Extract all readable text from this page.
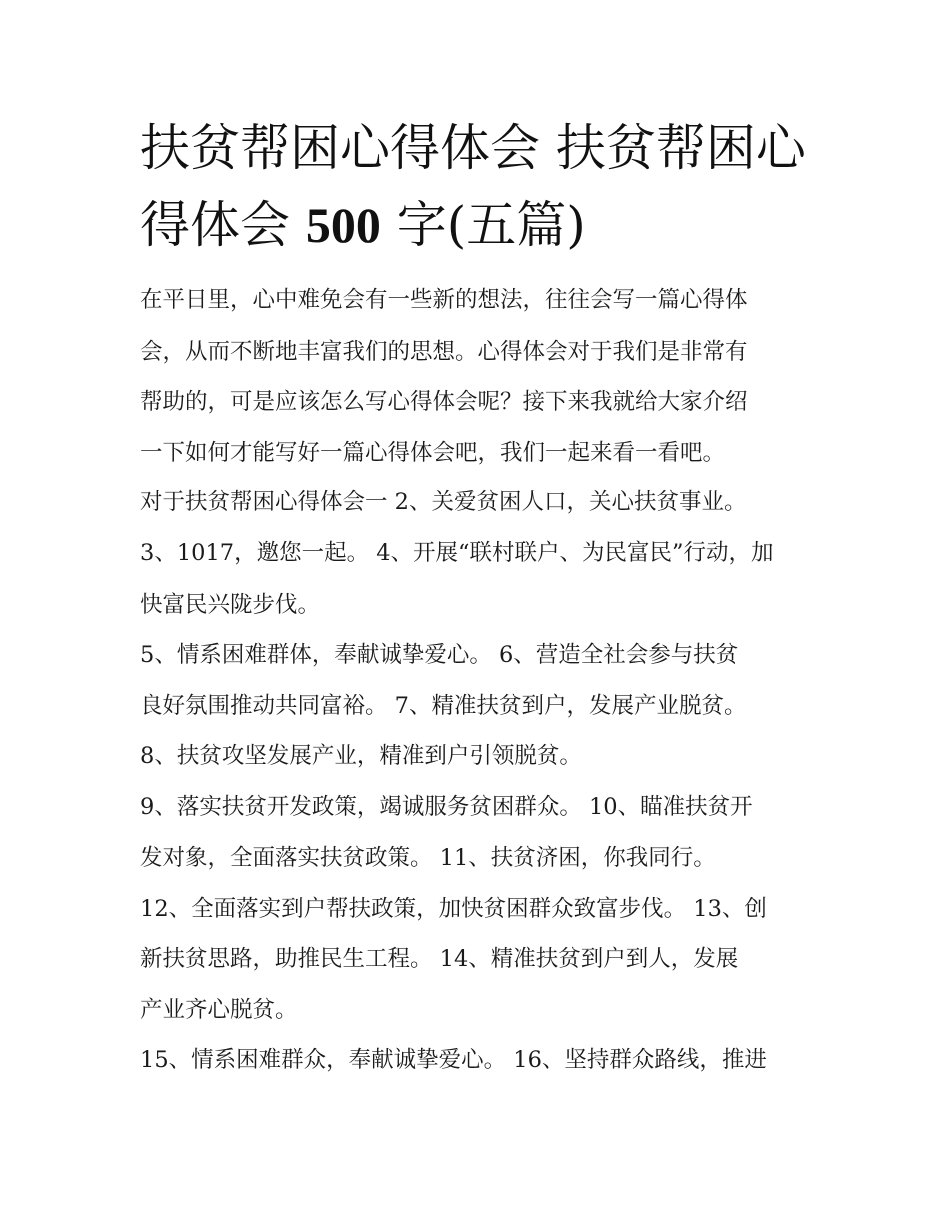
扶贫帮困心得体会 扶贫帮困心
得体会 500 字(五篇)
在平日里，心中难免会有一些新的想法，往往会写一篇心得体
会，从而不断地丰富我们的思想。心得体会对于我们是非常有
帮助的，可是应该怎么写心得体会呢？接下来我就给大家介绍
一下如何才能写好一篇心得体会吧，我们一起来看一看吧。
对于扶贫帮困心得体会一 2、关爱贫困人口，关心扶贫事业。
3、1017，邀您一起。 4、开展“联村联户、为民富民”行动，加
快富民兴陇步伐。
5、情系困难群体，奉献诚挚爱心。 6、营造全社会参与扶贫
良好氛围推动共同富裕。 7、精准扶贫到户，发展产业脱贫。
8、扶贫攻坚发展产业，精准到户引领脱贫。
9、落实扶贫开发政策，竭诚服务贫困群众。 10、瞄准扶贫开
发对象，全面落实扶贫政策。 11、扶贫济困，你我同行。
12、全面落实到户帮扶政策，加快贫困群众致富步伐。 13、创
新扶贫思路，助推民生工程。 14、精准扶贫到户到人，发展
产业齐心脱贫。
15、情系困难群众，奉献诚挚爱心。 16、坚持群众路线，推进
